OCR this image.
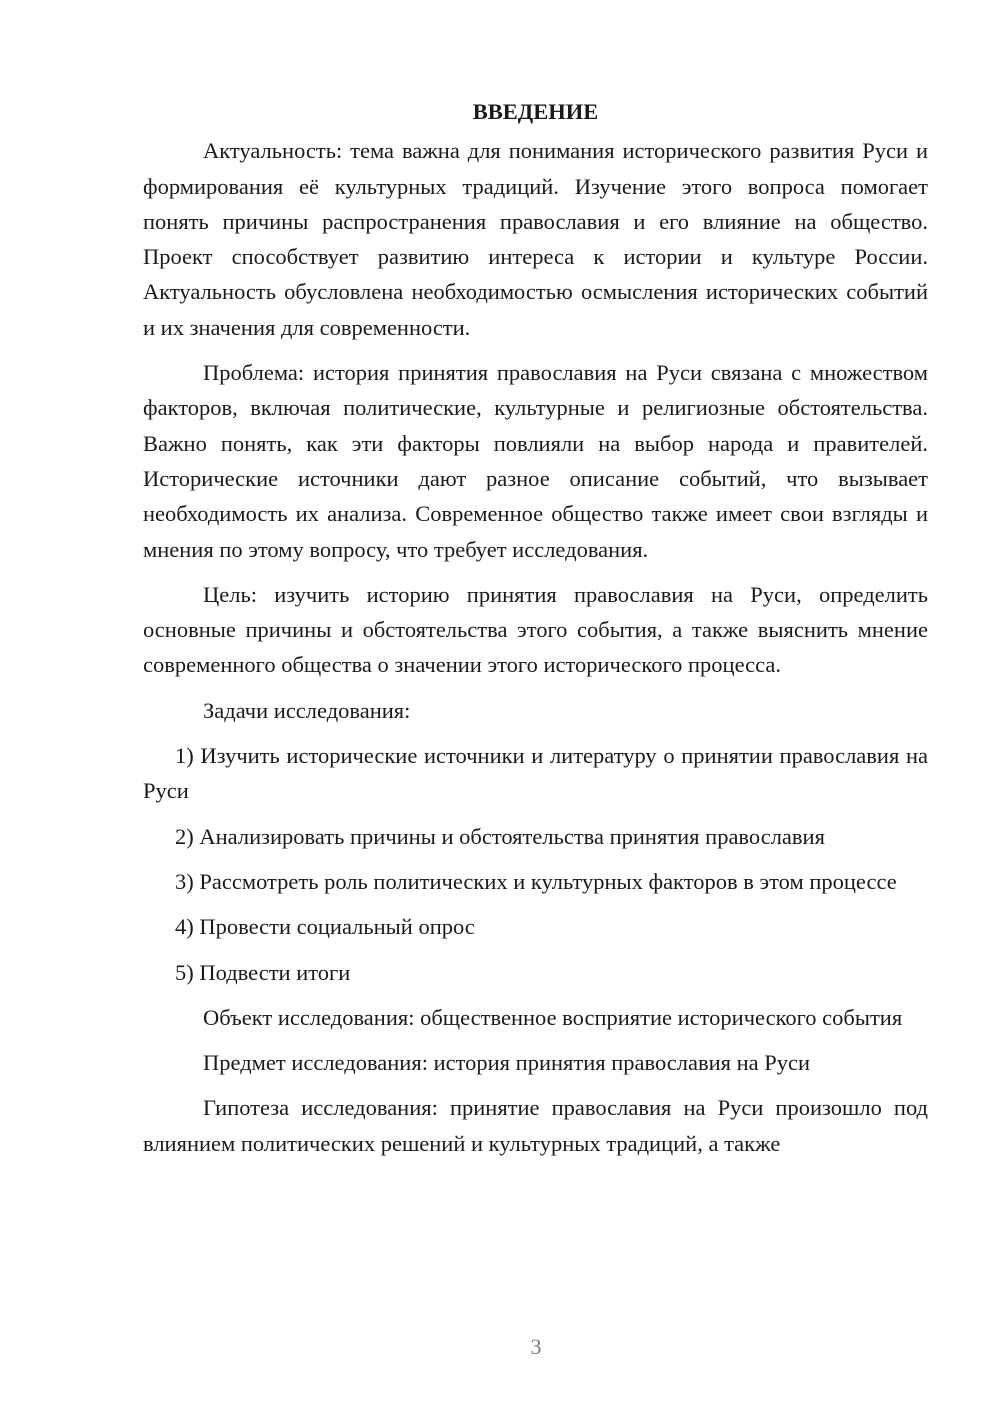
ВВЕДЕНИЕ

Актуальность: тема важна для понимания исторического развития Руси и формирования её культурных традиций. Изучение этого вопроса помогает понять причины распространения православия и его влияние на общество. Проект способствует развитию интереса к истории и культуре России. Актуальность обусловлена необходимостью осмысления исторических событий и их значения для современности.

Проблема: история принятия православия на Руси связана с множеством факторов, включая политические, культурные и религиозные обстоятельства. Важно понять, как эти факторы повлияли на выбор народа и правителей. Исторические источники дают разное описание событий, что вызывает необходимость их анализа. Современное общество также имеет свои взгляды и мнения по этому вопросу, что требует исследования.

Цель: изучить историю принятия православия на Руси, определить основные причины и обстоятельства этого события, а также выяснить мнение современного общества о значении этого исторического процесса.

Задачи исследования:

1) Изучить исторические источники и литературу о принятии православия на Руси

2) Анализировать причины и обстоятельства принятия православия

3) Рассмотреть роль политических и культурных факторов в этом процессе

4) Провести социальный опрос

5) Подвести итоги

Объект исследования: общественное восприятие исторического события

Предмет исследования: история принятия православия на Руси

Гипотеза исследования: принятие православия на Руси произошло под влиянием политических решений и культурных традиций, а также

3
